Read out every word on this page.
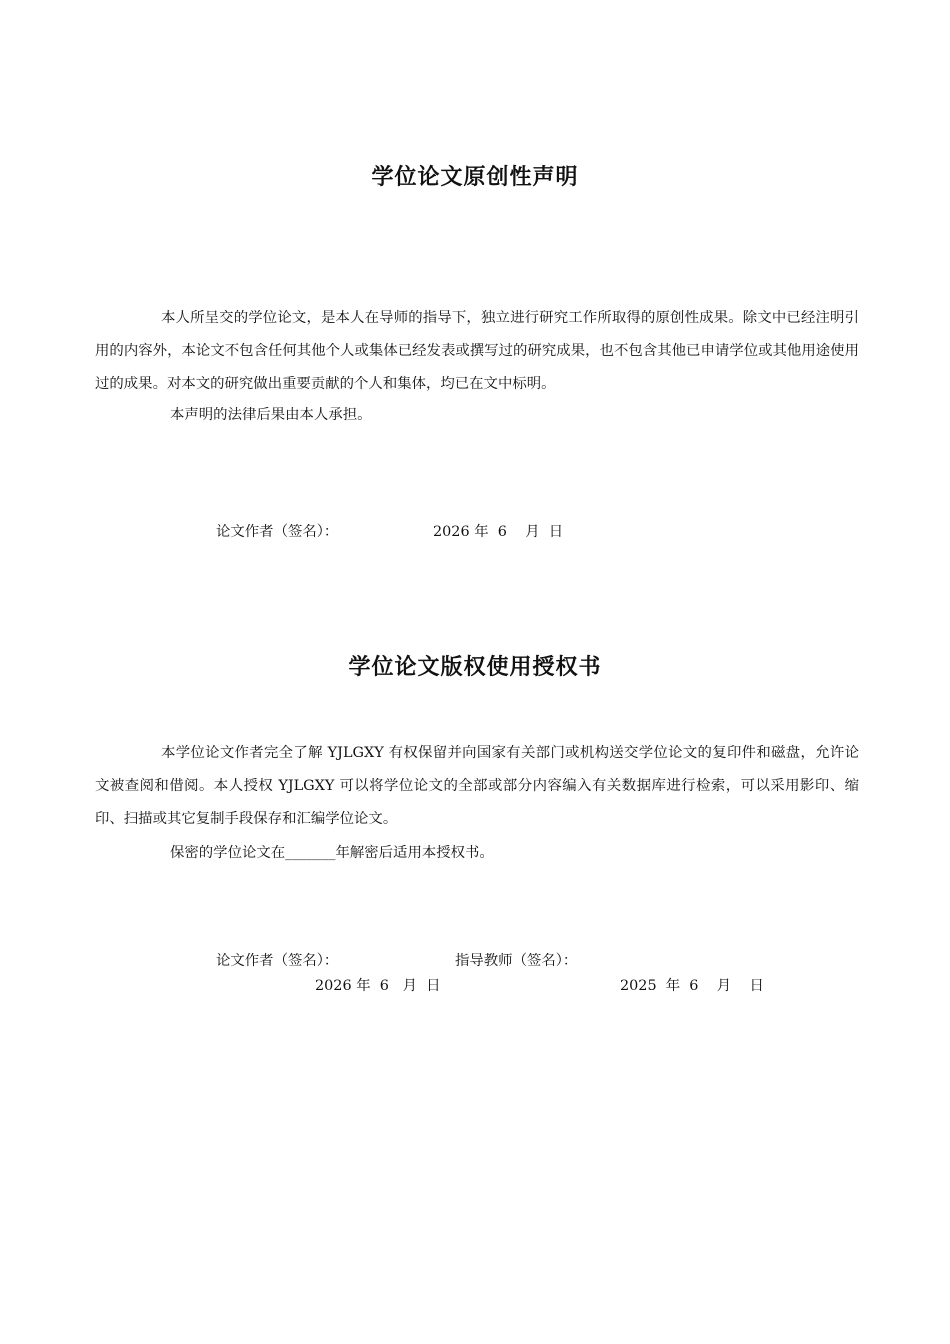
学位论文原创性声明
本人所呈交的学位论文，是本人在导师的指导下，独立进行研究工作所取得的原创性成果。除文中已经注明引用的内容外，本论文不包含任何其他个人或集体已经发表或撰写过的研究成果，也不包含其他已申请学位或其他用途使用过的成果。对本文的研究做出重要贡献的个人和集体，均已在文中标明。
本声明的法律后果由本人承担。
论文作者（签名）：	2026 年  6    月  日
学位论文版权使用授权书
本学位论文作者完全了解 YJLGXY 有权保留并向国家有关部门或机构送交学位论文的复印件和磁盘，允许论文被查阅和借阅。本人授权 YJLGXY 可以将学位论文的全部或部分内容编入有关数据库进行检索，可以采用影印、缩印、扫描或其它复制手段保存和汇编学位论文。
保密的学位论文在_______年解密后适用本授权书。
论文作者（签名）：	指导教师（签名）：
2026 年  6   月  日	2025  年  6    月    日
